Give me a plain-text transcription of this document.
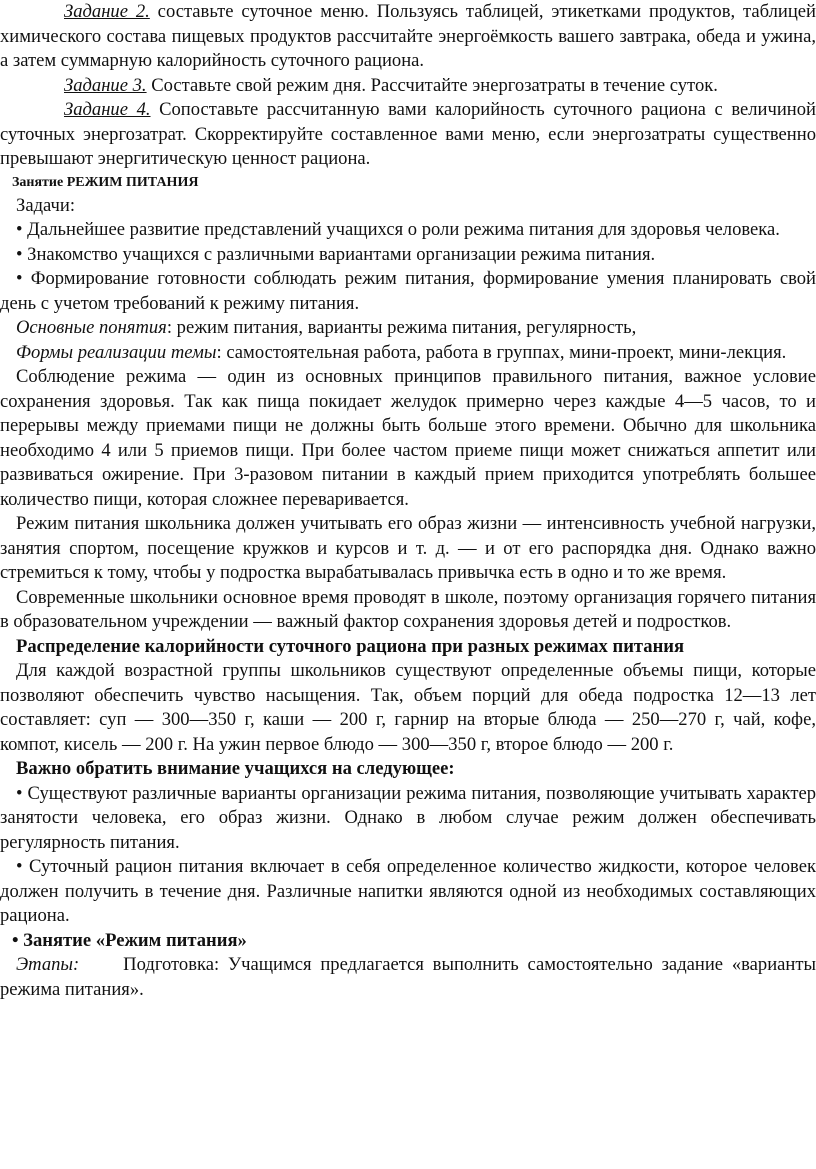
Задание 2. составьте суточное меню. Пользуясь таблицей, этикетками продуктов, таблицей химического состава пищевых продуктов рассчитайте энергоёмкость вашего завтрака, обеда и ужина, а затем суммарную калорийность суточного рациона.

Задание 3. Составьте свой режим дня. Рассчитайте энергозатраты в течение суток.

Задание 4. Сопоставьте рассчитанную вами калорийность суточного рациона с величиной суточных энергозатрат. Скорректируйте составленное вами меню, если энергозатраты существенно превышают энергитическую ценност рациона.

Занятие РЕЖИМ ПИТАНИЯ

Задачи:

• Дальнейшее развитие представлений учащихся о роли режима питания для здоровья человека.

• Знакомство учащихся с различными вариантами организации режима питания.

• Формирование готовности соблюдать режим питания, формирование умения планировать свой день с учетом требований к режиму питания.

Основные понятия: режим питания, варианты режима питания, регулярность,

Формы реализации темы: самостоятельная работа, работа в группах, мини-проект, мини-лекция.

Соблюдение режима — один из основных принципов правильного питания, важное условие сохранения здоровья. Так как пища покидает желудок примерно через каждые 4—5 часов, то и перерывы между приемами пищи не должны быть больше этого времени. Обычно для школьника необходимо 4 или 5 приемов пищи. При более частом приеме пищи может снижаться аппетит или развиваться ожирение. При 3-разовом питании в каждый прием приходится употреблять большее количество пищи, которая сложнее переваривается.

Режим питания школьника должен учитывать его образ жизни — интенсивность учебной нагрузки, занятия спортом, посещение кружков и курсов и т. д. — и от его распорядка дня. Однако важно стремиться к тому, чтобы у подростка вырабатывалась привычка есть в одно и то же время.

Современные школьники основное время проводят в школе, поэтому организация горячего питания в образовательном учреждении — важный фактор сохранения здоровья детей и подростков.

Распределение калорийности суточного рациона при разных режимах питания

Для каждой возрастной группы школьников существуют определенные объемы пищи, которые позволяют обеспечить чувство насыщения. Так, объем порций для обеда подростка 12—13 лет составляет: суп — 300—350 г, каши — 200 г, гарнир на вторые блюда — 250—270 г, чай, кофе, компот, кисель — 200 г. На ужин первое блюдо — 300—350 г, второе блюдо — 200 г.

Важно обратить внимание учащихся на следующее:

• Существуют различные варианты организации режима питания, позволяющие учитывать характер занятости человека, его образ жизни. Однако в любом случае режим должен обеспечивать регулярность питания.

• Суточный рацион питания включает в себя определенное количество жидкости, которое человек должен получить в течение дня. Различные напитки являются одной из необходимых составляющих рациона.

• Занятие «Режим питания»

Этапы:     Подготовка: Учащимся предлагается выполнить самостоятельно задание «варианты режима питания».
